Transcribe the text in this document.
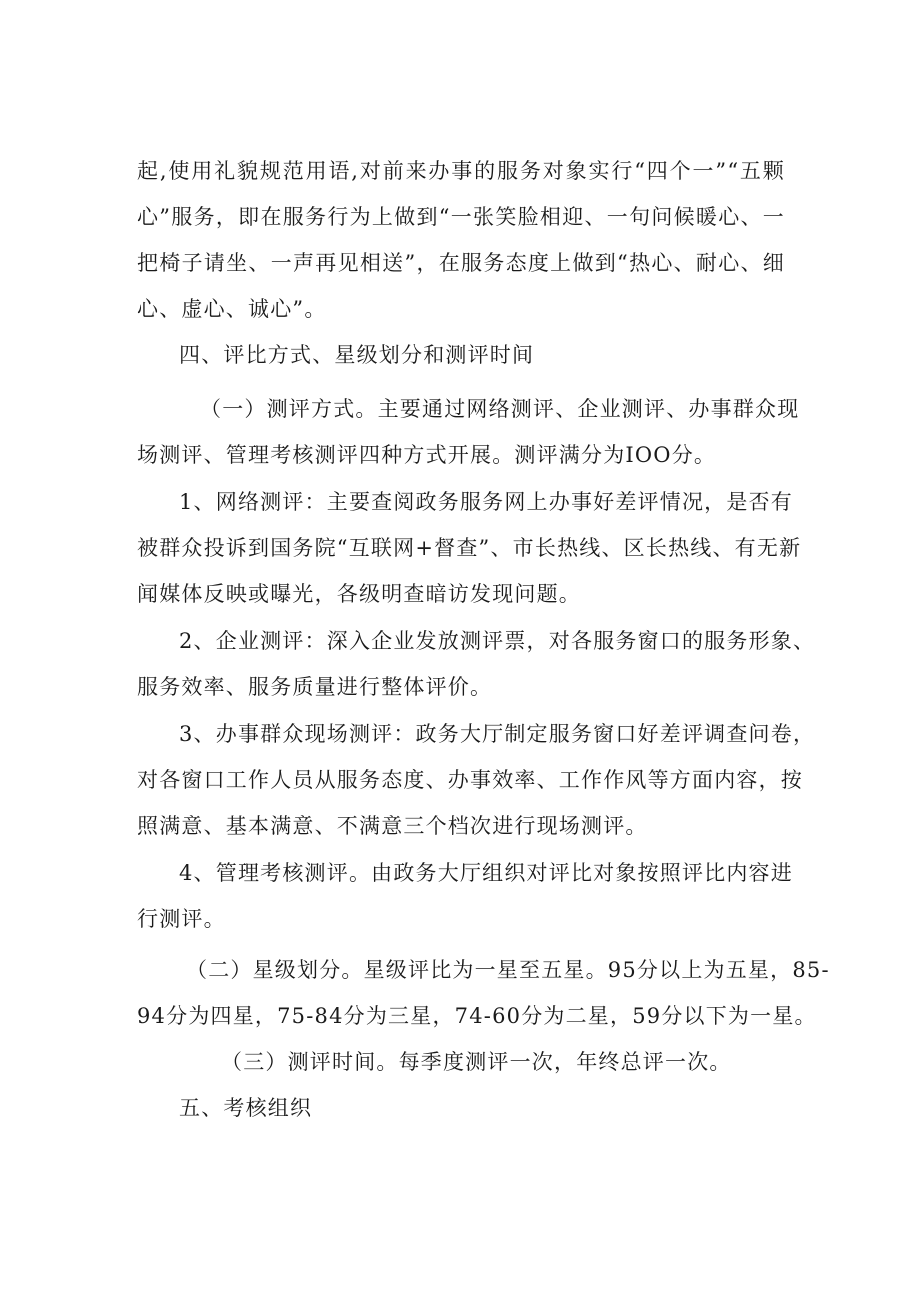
起,使用礼貌规范用语,对前来办事的服务对象实行“四个一”“五颗
心”服务，即在服务行为上做到“一张笑脸相迎、一句问候暖心、一
把椅子请坐、一声再见相送”，在服务态度上做到“热心、耐心、细
心、虚心、诚心”。
四、评比方式、星级划分和测评时间
（一）测评方式。主要通过网络测评、企业测评、办事群众现
场测评、管理考核测评四种方式开展。测评满分为IOO分。
1、网络测评：主要查阅政务服务网上办事好差评情况，是否有
被群众投诉到国务院“互联网+督查”、市长热线、区长热线、有无新
闻媒体反映或曝光，各级明查暗访发现问题。
2、企业测评：深入企业发放测评票，对各服务窗口的服务形象、
服务效率、服务质量进行整体评价。
3、办事群众现场测评：政务大厅制定服务窗口好差评调查问卷，
对各窗口工作人员从服务态度、办事效率、工作作风等方面内容，按
照满意、基本满意、不满意三个档次进行现场测评。
4、管理考核测评。由政务大厅组织对评比对象按照评比内容进
行测评。
（二）星级划分。星级评比为一星至五星。95分以上为五星，85-
94分为四星，75-84分为三星，74-60分为二星，59分以下为一星。
（三）测评时间。每季度测评一次，年终总评一次。
五、考核组织
